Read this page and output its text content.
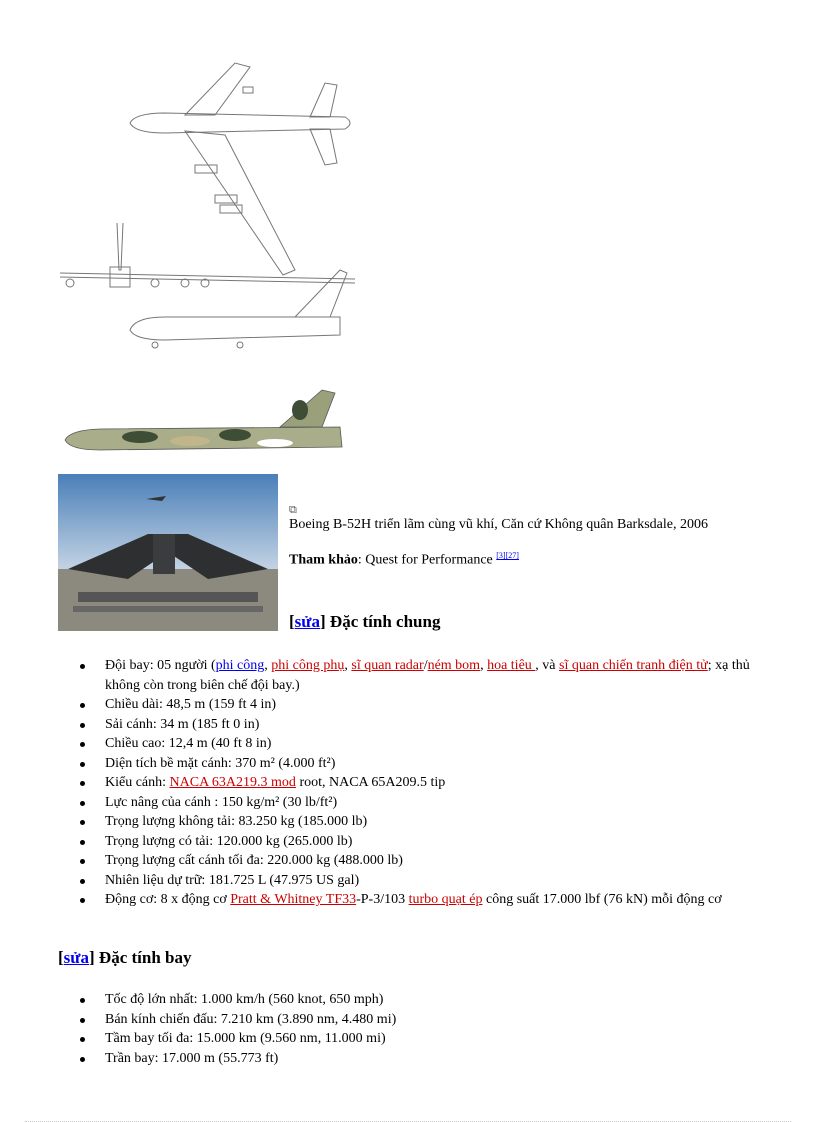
⧉
Boeing B-52H triển lãm cùng vũ khí, Căn cứ Không quân Barksdale, 2006
Tham khảo: Quest for Performance [3][27]
[sửa] Đặc tính chung
Đội bay: 05 người (phi công, phi công phụ, sĩ quan radar/ném bom, hoa tiêu , và sĩ quan chiến tranh điện tử; xạ thủ không còn trong biên chế đội bay.)
Chiều dài: 48,5 m (159 ft 4 in)
Sải cánh: 34 m (185 ft 0 in)
Chiều cao: 12,4 m (40 ft 8 in)
Diện tích bề mặt cánh: 370 m² (4.000 ft²)
Kiểu cánh: NACA 63A219.3 mod root, NACA 65A209.5 tip
Lực nâng của cánh : 150 kg/m² (30 lb/ft²)
Trọng lượng không tải: 83.250 kg (185.000 lb)
Trọng lượng có tải: 120.000 kg (265.000 lb)
Trọng lượng cất cánh tối đa: 220.000 kg (488.000 lb)
Nhiên liệu dự trữ: 181.725 L (47.975 US gal)
Động cơ: 8 x động cơ Pratt & Whitney TF33-P-3/103 turbo quạt ép công suất 17.000 lbf (76 kN) mỗi động cơ
[sửa] Đặc tính bay
Tốc độ lớn nhất: 1.000 km/h (560 knot, 650 mph)
Bán kính chiến đấu: 7.210 km (3.890 nm, 4.480 mi)
Tầm bay tối đa: 15.000 km (9.560 nm, 11.000 mi)
Trần bay: 17.000 m (55.773 ft)
